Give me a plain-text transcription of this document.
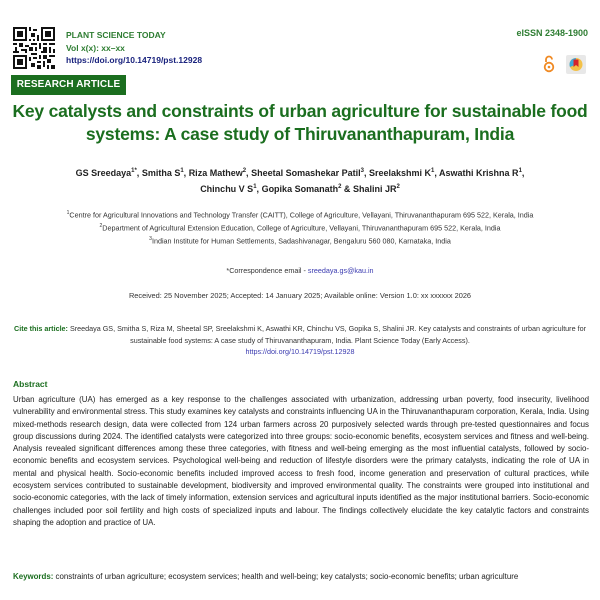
PLANT SCIENCE TODAY
Vol x(x): xx–xx
https://doi.org/10.14719/pst.12928
eISSN 2348-1900
RESEARCH ARTICLE
Key catalysts and constraints of urban agriculture for sustainable food systems: A case study of Thiruvananthapuram, India
GS Sreedaya$^{1*}$, Smitha $S^1$, Riza Mathew$^2$, Sheetal Somashekar Patil$^3$, Sreelakshmi $K^1$, Aswathi Krishna $R^1$,
Chinchu V $S^1$, Gopika Somanath$^2$ & Shalini $JR^2$
$^1$Centre for Agricultural Innovations and Technology Transfer (CAITT), College of Agriculture, Vellayani, Thiruvananthapuram 695 522, Kerala, India
$^2$Department of Agricultural Extension Education, College of Agriculture, Vellayani, Thiruvananthapuram 695 522, Kerala, India
$^3$Indian Institute for Human Settlements, Sadashivanagar, Bengaluru 560 080, Karnataka, India
*Correspondence email - sreedaya.gs@kau.in
Received: 25 November 2025; Accepted: 14 January 2025; Available online: Version 1.0: xx xxxxxx 2026
Cite this article: Sreedaya GS, Smitha S, Riza M, Sheetal SP, Sreelakshmi K, Aswathi KR, Chinchu VS, Gopika S, Shalini JR. Key catalysts and constraints of urban agriculture for sustainable food systems: A case study of Thiruvananthapuram, India. Plant Science Today (Early Access).
https://doi.org/10.14719/pst.12928
Abstract

Urban agriculture (UA) has emerged as a key response to the challenges associated with urbanization, addressing urban poverty, food insecurity, livelihood vulnerability and environmental stress. This study examines key catalysts and constraints influencing UA in the Thiruvananthapuram corporation, Kerala, India. Using mixed-methods research design, data were collected from 124 urban farmers across 20 purposively selected wards through pre-tested questionnaires and focus group discussions during 2024. The identified catalysts were categorized into three groups: socio-economic benefits, ecosystem services and fitness and well-being. Analysis revealed significant differences among these three categories, with fitness and well-being emerging as the most influential catalysts, followed by socio-economic benefits and ecosystem services. Psychological well-being and reduction of lifestyle disorders were the primary catalysts, indicating the role of UA in mental and physical health. Socio-economic benefits included improved access to fresh food, income generation and preservation of cultural practices, while ecosystem services contributed to sustainable development, biodiversity and improved environmental quality. The constraints were grouped into institutional and socio-economic categories, with the lack of timely information, extension services and agricultural inputs identified as the major institutional barriers. Socio-economic challenges included poor soil fertility and high costs of specialized inputs and labour. The findings collectively elucidate the key catalytic factors and constraints shaping the adoption and practice of UA.

Keywords: constraints of urban agriculture; ecosystem services; health and well-being; key catalysts; socio-economic benefits; urban agriculture
